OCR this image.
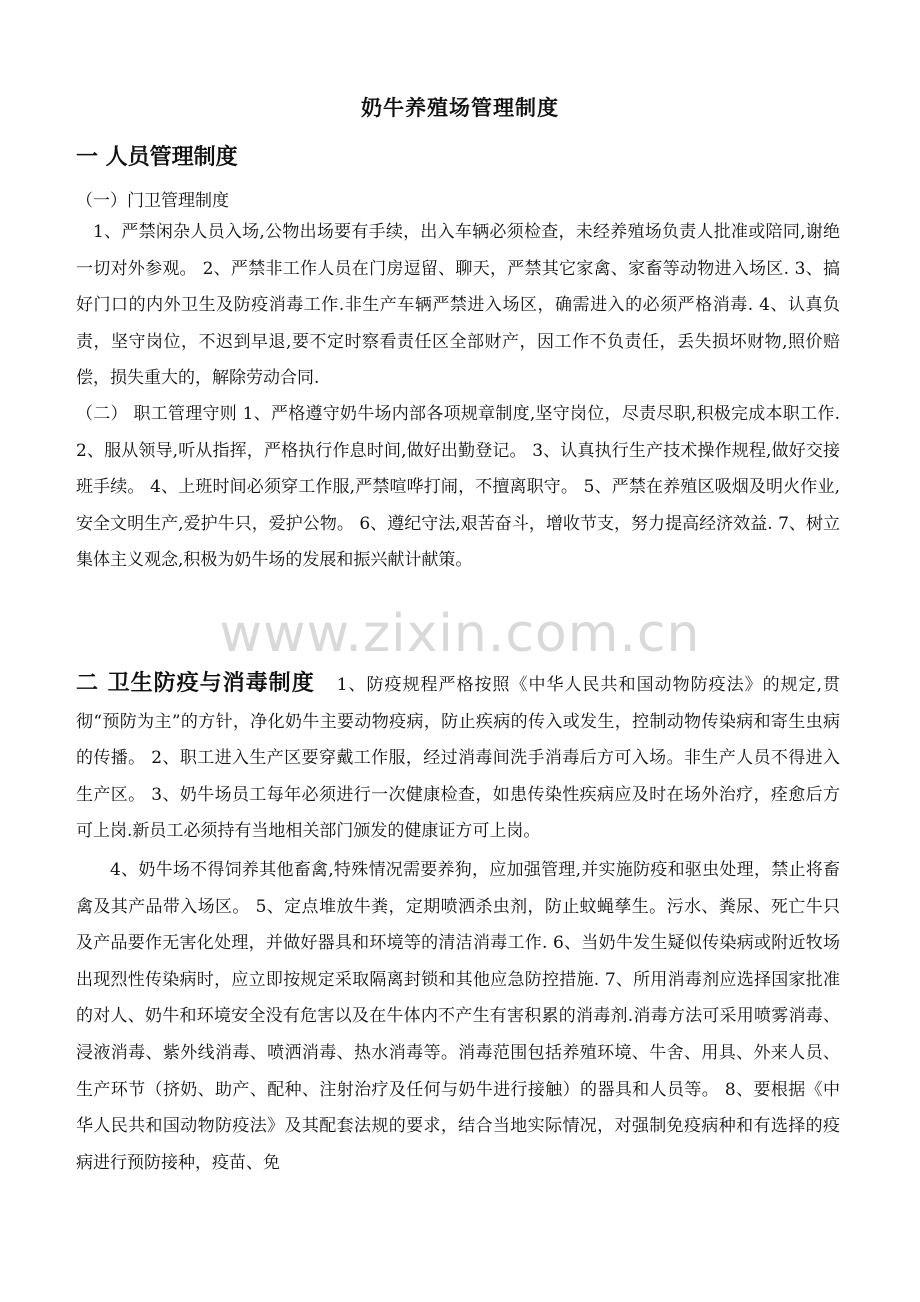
奶牛养殖场管理制度
一 人员管理制度
（一）门卫管理制度
1、严禁闲杂人员入场,公物出场要有手续，出入车辆必须检查，未经养殖场负责人批准或陪同,谢绝一切对外参观。 2、严禁非工作人员在门房逗留、聊天，严禁其它家禽、家畜等动物进入场区. 3、搞好门口的内外卫生及防疫消毒工作.非生产车辆严禁进入场区，确需进入的必须严格消毒. 4、认真负责，坚守岗位，不迟到早退,要不定时察看责任区全部财产，因工作不负责任，丢失损坏财物,照价赔偿，损失重大的，解除劳动合同.
（二） 职工管理守则 1、严格遵守奶牛场内部各项规章制度,坚守岗位，尽责尽职,积极完成本职工作. 2、服从领导,听从指挥，严格执行作息时间,做好出勤登记。 3、认真执行生产技术操作规程,做好交接班手续。 4、上班时间必须穿工作服,严禁喧哗打闹，不擅离职守。 5、严禁在养殖区吸烟及明火作业,安全文明生产,爱护牛只，爱护公物。 6、遵纪守法,艰苦奋斗，增收节支，努力提高经济效益. 7、树立集体主义观念,积极为奶牛场的发展和振兴献计献策。
www.zixin.com.cn
二 卫生防疫与消毒制度 1、防疫规程严格按照《中华人民共和国动物防疫法》的规定,贯彻“预防为主”的方针，净化奶牛主要动物疫病，防止疾病的传入或发生，控制动物传染病和寄生虫病的传播。 2、职工进入生产区要穿戴工作服，经过消毒间洗手消毒后方可入场。非生产人员不得进入生产区。 3、奶牛场员工每年必须进行一次健康检查，如患传染性疾病应及时在场外治疗，痊愈后方可上岗.新员工必须持有当地相关部门颁发的健康证方可上岗。
4、奶牛场不得饲养其他畜禽,特殊情况需要养狗，应加强管理,并实施防疫和驱虫处理，禁止将畜禽及其产品带入场区。 5、定点堆放牛粪，定期喷洒杀虫剂，防止蚊蝇孳生。污水、粪尿、死亡牛只及产品要作无害化处理，并做好器具和环境等的清洁消毒工作. 6、当奶牛发生疑似传染病或附近牧场出现烈性传染病时，应立即按规定采取隔离封锁和其他应急防控措施. 7、所用消毒剂应选择国家批准的对人、奶牛和环境安全没有危害以及在牛体内不产生有害积累的消毒剂.消毒方法可采用喷雾消毒、浸液消毒、紫外线消毒、喷洒消毒、热水消毒等。消毒范围包括养殖环境、牛舍、用具、外来人员、生产环节（挤奶、助产、配种、注射治疗及任何与奶牛进行接触）的器具和人员等。 8、要根据《中华人民共和国动物防疫法》及其配套法规的要求，结合当地实际情况，对强制免疫病种和有选择的疫病进行预防接种，疫苗、免
